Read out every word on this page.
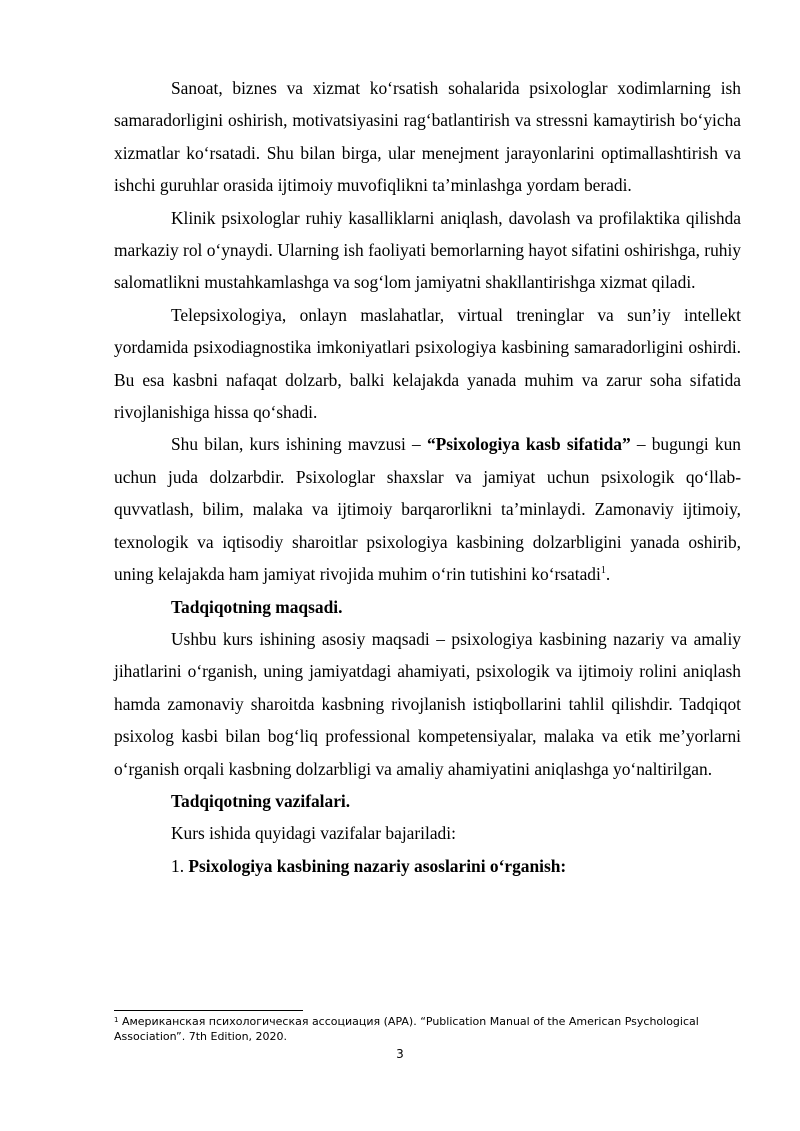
Sanoat, biznes va xizmat koʻrsatish sohalarida psixologlar xodimlarning ish samaradorligini oshirish, motivatsiyasini ragʻbatlantirish va stressni kamaytirish boʻyicha xizmatlar koʻrsatadi. Shu bilan birga, ular menejment jarayonlarini optimallashtirish va ishchi guruhlar orasida ijtimoiy muvofiqlikni taʼminlashga yordam beradi.

Klinik psixologlar ruhiy kasalliklarni aniqlash, davolash va profilaktika qilishda markaziy rol oʻynaydi. Ularning ish faoliyati bemorlarning hayot sifatini oshirishga, ruhiy salomatlikni mustahkamlashga va sogʻlom jamiyatni shakllantirishga xizmat qiladi.

Telepsixologiya, onlayn maslahatlar, virtual treninglar va sunʼiy intellekt yordamida psixodiagnostika imkoniyatlari psixologiya kasbining samaradorligini oshirdi. Bu esa kasbni nafaqat dolzarb, balki kelajakda yanada muhim va zarur soha sifatida rivojlanishiga hissa qoʻshadi.

Shu bilan, kurs ishining mavzusi – “Psixologiya kasb sifatida” – bugungi kun uchun juda dolzarbdir. Psixologlar shaxslar va jamiyat uchun psixologik qoʻllab-quvvatlash, bilim, malaka va ijtimoiy barqarorlikni taʼminlaydi. Zamonaviy ijtimoiy, texnologik va iqtisodiy sharoitlar psixologiya kasbining dolzarbligini yanada oshirib, uning kelajakda ham jamiyat rivojida muhim oʻrin tutishini koʻrsatadi$^1$.

Tadqiqotning maqsadi.

Ushbu kurs ishining asosiy maqsadi – psixologiya kasbining nazariy va amaliy jihatlarini oʻrganish, uning jamiyatdagi ahamiyati, psixologik va ijtimoiy rolini aniqlash hamda zamonaviy sharoitda kasbning rivojlanish istiqbollarini tahlil qilishdir. Tadqiqot psixolog kasbi bilan bogʻliq professional kompetensiyalar, malaka va etik meʼyorlarni oʻrganish orqali kasbning dolzarbligi va amaliy ahamiyatini aniqlashga yoʻnaltirilgan.

Tadqiqotning vazifalari.

Kurs ishida quyidagi vazifalar bajariladi:

1. Psixologiya kasbining nazariy asoslarini oʻrganish:

$^1$ Американская психологическая ассоциация (APA). “Publication Manual of the American Psychological Association”. 7th Edition, 2020.
3
